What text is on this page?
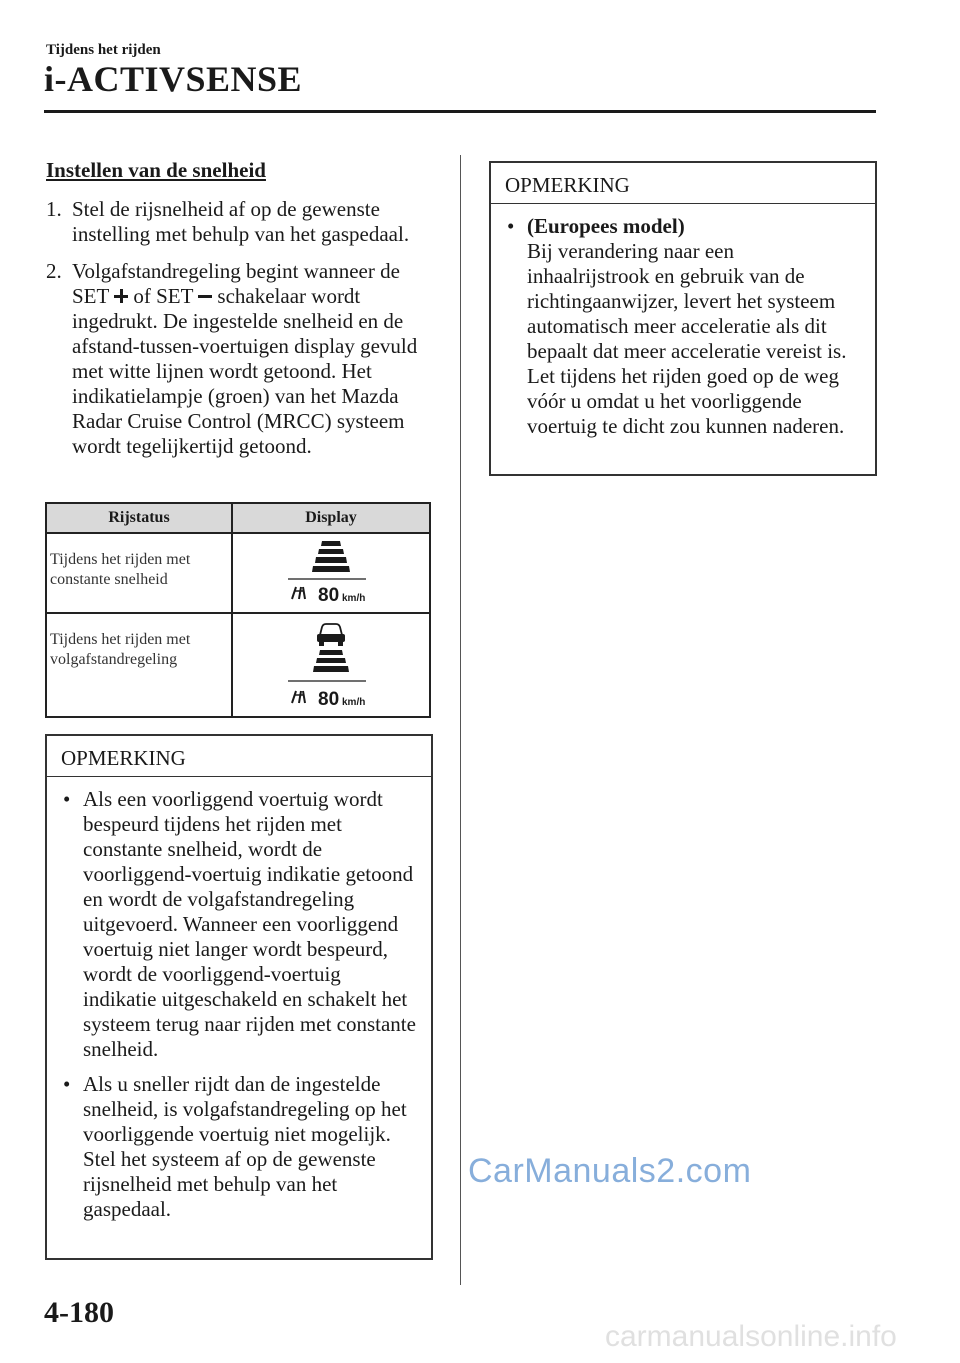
Tijdens het rijden
i-ACTIVSENSE
Instellen van de snelheid
1. Stel de rijsnelheid af op de gewenste instelling met behulp van het gaspedaal.
2. Volgafstandregeling begint wanneer de SET of SET schakelaar wordt ingedrukt. De ingestelde snelheid en de afstand-tussen-voertuigen display gevuld met witte lijnen wordt getoond. Het indikatielampje (groen) van het Mazda Radar Cruise Control (MRCC) systeem wordt tegelijkertijd getoond.
Rijstatus	Display
Tijdens het rijden met constante snelheid	80 km/h

Tijdens het rijden met volgafstandregeling	80 km/h
OPMERKING
• Als een voorliggend voertuig wordt bespeurd tijdens het rijden met constante snelheid, wordt de voorliggend-voertuig indikatie getoond en wordt de volgafstandregeling uitgevoerd. Wanneer een voorliggend voertuig niet langer wordt bespeurd, wordt de voorliggend-voertuig indikatie uitgeschakeld en schakelt het systeem terug naar rijden met constante snelheid.
• Als u sneller rijdt dan de ingestelde snelheid, is volgafstandregeling op het voorliggende voertuig niet mogelijk. Stel het systeem af op de gewenste rijsnelheid met behulp van het gaspedaal.
OPMERKING
• (Europees model)
Bij verandering naar een inhaalrijstrook en gebruik van de richtingaanwijzer, levert het systeem automatisch meer acceleratie als dit bepaalt dat meer acceleratie vereist is. Let tijdens het rijden goed op de weg vóór u omdat u het voorliggende voertuig te dicht zou kunnen naderen.
4-180
CarManuals2.com
carmanualsonline.info
